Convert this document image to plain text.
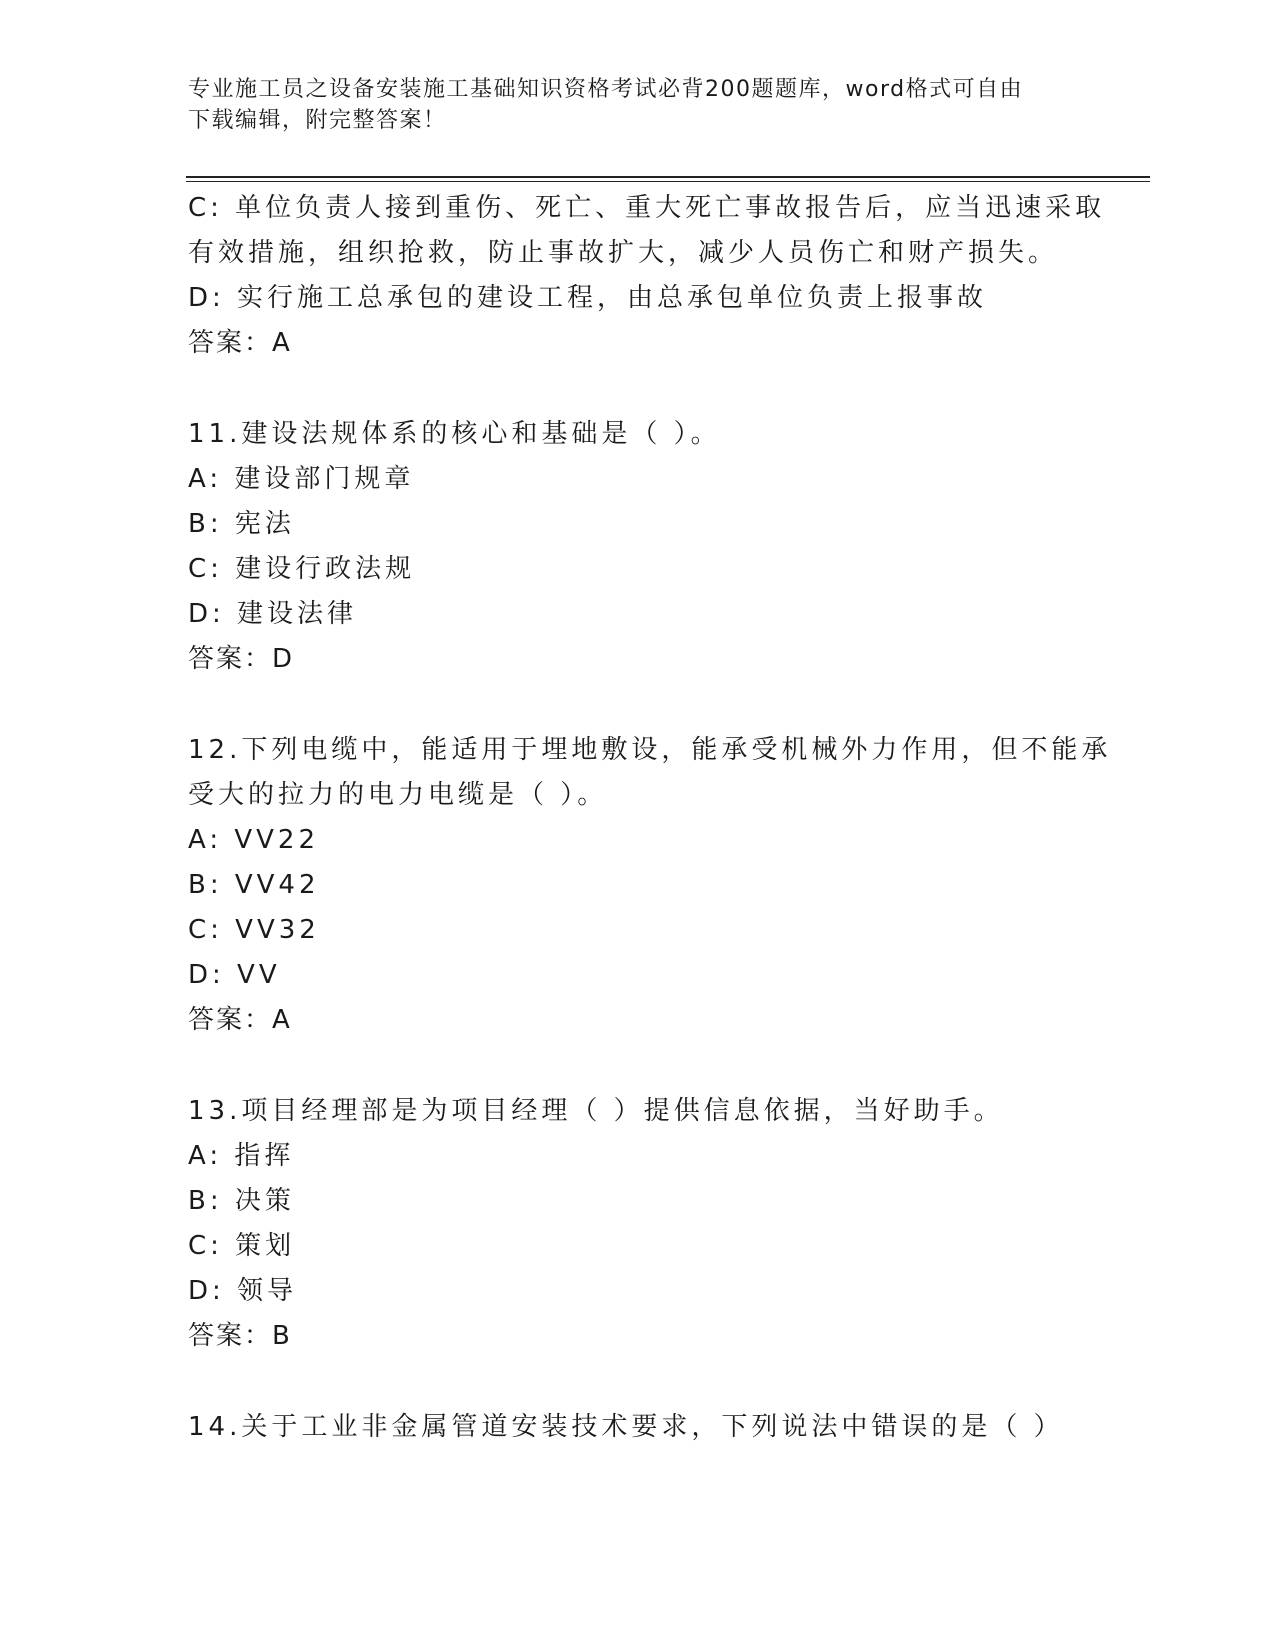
专业施工员之设备安装施工基础知识资格考试必背200题题库，word格式可自由
下载编辑，附完整答案！
C: 单位负责人接到重伤、死亡、重大死亡事故报告后，应当迅速采取
有效措施，组织抢救，防止事故扩大，减少人员伤亡和财产损失。
D: 实行施工总承包的建设工程，由总承包单位负责上报事故
答案：A
11.建设法规体系的核心和基础是（ ）。
A: 建设部门规章
B: 宪法
C: 建设行政法规
D: 建设法律
答案：D
12.下列电缆中，能适用于埋地敷设，能承受机械外力作用，但不能承
受大的拉力的电力电缆是（ ）。
A: VV22
B: VV42
C: VV32
D: VV
答案：A
13.项目经理部是为项目经理（ ）提供信息依据，当好助手。
A: 指挥
B: 决策
C: 策划
D: 领导
答案：B
14.关于工业非金属管道安装技术要求，下列说法中错误的是（ ）
